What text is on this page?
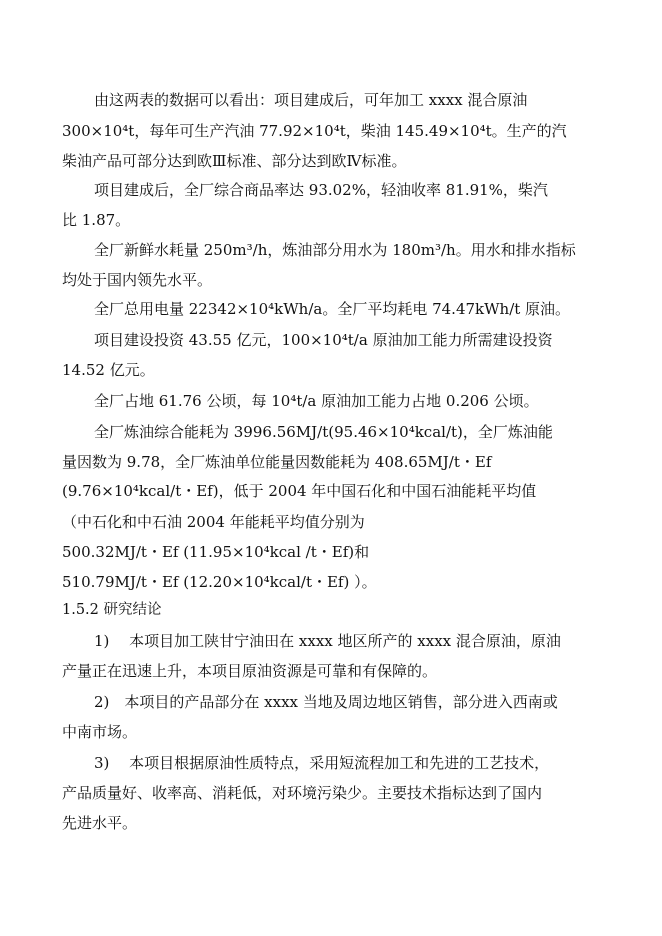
由这两表的数据可以看出：项目建成后，可年加工 xxxx 混合原油
300×10⁴t，每年可生产汽油 77.92×10⁴t，柴油 145.49×10⁴t。生产的汽
柴油产品可部分达到欧Ⅲ标准、部分达到欧Ⅳ标准。
项目建成后，全厂综合商品率达 93.02%，轻油收率 81.91%，柴汽
比 1.87。
全厂新鲜水耗量 250m³/h，炼油部分用水为 180m³/h。用水和排水指标
均处于国内领先水平。
全厂总用电量 22342×10⁴kWh/a。全厂平均耗电 74.47kWh/t 原油。
项目建设投资 43.55 亿元，100×10⁴t/a 原油加工能力所需建设投资
14.52 亿元。
全厂占地 61.76 公顷，每 10⁴t/a 原油加工能力占地 0.206 公顷。
全厂炼油综合能耗为 3996.56MJ/t(95.46×10⁴kcal/t)，全厂炼油能
量因数为 9.78，全厂炼油单位能量因数能耗为 408.65MJ/t・Ef
(9.76×10⁴kcal/t・Ef)，低于 2004 年中国石化和中国石油能耗平均值
（中石化和中石油 2004 年能耗平均值分别为
500.32MJ/t・Ef (11.95×10⁴kcal /t・Ef)和
510.79MJ/t・Ef (12.20×10⁴kcal/t・Ef) ）。
1.5.2 研究结论
1)　 本项目加工陕甘宁油田在 xxxx 地区所产的 xxxx 混合原油，原油
产量正在迅速上升，本项目原油资源是可靠和有保障的。
2)　本项目的产品部分在 xxxx 当地及周边地区销售，部分进入西南或
中南市场。
3)　 本项目根据原油性质特点，采用短流程加工和先进的工艺技术，
产品质量好、收率高、消耗低，对环境污染少。主要技术指标达到了国内
先进水平。
